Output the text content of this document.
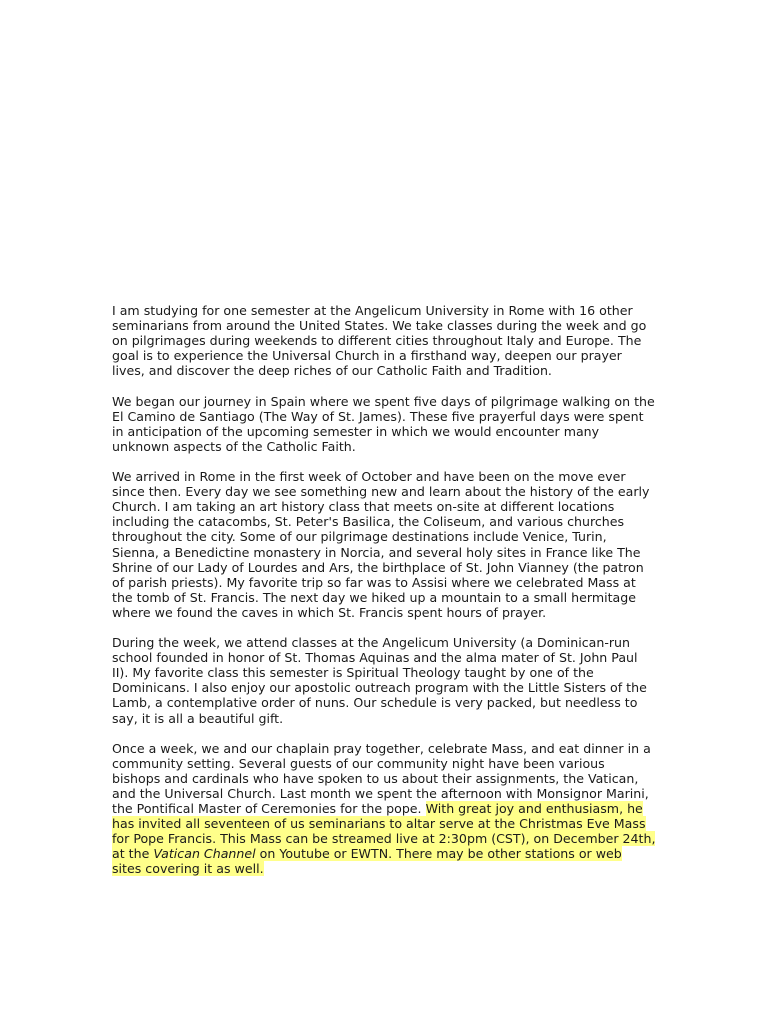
I am studying for one semester at the Angelicum University in Rome with 16 other
seminarians from around the United States. We take classes during the week and go
on pilgrimages during weekends to different cities throughout Italy and Europe. The
goal is to experience the Universal Church in a firsthand way, deepen our prayer
lives, and discover the deep riches of our Catholic Faith and Tradition.

We began our journey in Spain where we spent five days of pilgrimage walking on the
El Camino de Santiago (The Way of St. James). These five prayerful days were spent
in anticipation of the upcoming semester in which we would encounter many
unknown aspects of the Catholic Faith.

We arrived in Rome in the first week of October and have been on the move ever
since then. Every day we see something new and learn about the history of the early
Church. I am taking an art history class that meets on-site at different locations
including the catacombs, St. Peter's Basilica, the Coliseum, and various churches
throughout the city. Some of our pilgrimage destinations include Venice, Turin,
Sienna, a Benedictine monastery in Norcia, and several holy sites in France like The
Shrine of our Lady of Lourdes and Ars, the birthplace of St. John Vianney (the patron
of parish priests). My favorite trip so far was to Assisi where we celebrated Mass at
the tomb of St. Francis. The next day we hiked up a mountain to a small hermitage
where we found the caves in which St. Francis spent hours of prayer.

During the week, we attend classes at the Angelicum University (a Dominican-run
school founded in honor of St. Thomas Aquinas and the alma mater of St. John Paul
II). My favorite class this semester is Spiritual Theology taught by one of the
Dominicans. I also enjoy our apostolic outreach program with the Little Sisters of the
Lamb, a contemplative order of nuns. Our schedule is very packed, but needless to
say, it is all a beautiful gift.

Once a week, we and our chaplain pray together, celebrate Mass, and eat dinner in a
community setting. Several guests of our community night have been various
bishops and cardinals who have spoken to us about their assignments, the Vatican,
and the Universal Church. Last month we spent the afternoon with Monsignor Marini,
the Pontifical Master of Ceremonies for the pope. With great joy and enthusiasm, he
has invited all seventeen of us seminarians to altar serve at the Christmas Eve Mass
for Pope Francis. This Mass can be streamed live at 2:30pm (CST), on December 24th,
at the Vatican Channel on Youtube or EWTN. There may be other stations or web
sites covering it as well.
